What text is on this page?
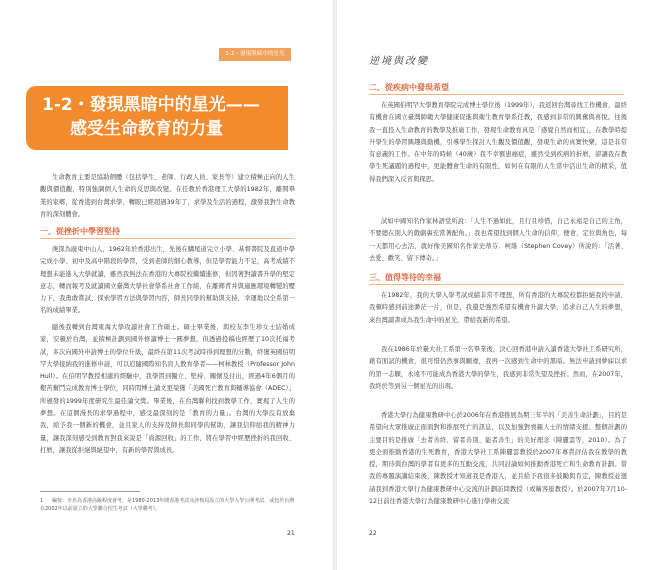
1-2・發現黑暗中的星光
1-2・發現黑暗中的星光——
感受生命教育的力量
生命教育主要是協助個體（包括學生、老師、行政人員、家長等）建立積極正向的人生觀與價值觀，特別強調個人生命的反思與改變。在任教於香港理工大學的1982年，離開畢業的家鄉，從香港到台灣求學、轉眼已經超過39年了，求學及生活的過程，激發我對生命教育的深刻體會。
一、從挫折中學習堅持
庚深為廣東中山人，1962年於香港出生，先後在購尾道完立小學、基督書院及直道中學完成小學、初中及高中階段的學習，受到老師的細心教導，但是學習能力不足，高考成績不理想未能進入大學就讀，雖然我無法在香港的大專院校繼續進修，但因著對讀書升學的堅定意志，轉而報考及就讀國立臺灣大學社會學系社會工作組，在離鄉背井與適應環境轉變的壓力下，我勇敢嘗試、探索學習方法與學習內容，師長同學的幫助與支持，幸運地以全系第一名的成績畢業。
隨後我轉到台灣東海大學攻讀社會工作碩士。碩士畢業後，與校友李生珍女士結婚成家，安頓於台灣，並積極計劃到國外修讀博士一圓夢想，但透過投稿也經歷了10次托福考試，多次向國外申請博士的學位升級，最終在第11次考試時得到理想的分數，終獲英國伯明罕大學接納我的進修申請，可以追隨國際知名盲人教育學者——柯林教授（Professor John Hull）。在伯明罕教授相處的經驗中，我學習到獨立、堅持、關懷及付出，經過4年6個月的艱苦奮鬥完成教育博士學位，同時間博士論文更榮獲「美國死亡教育與輔導協會（ADEC）」所頒發的1999年度研究生最佳論文獎。畢業後，在台灣聯利找到教學工作，實現了人生的夢想。在這個漫長的求學過程中，感受最深刻的是「教育的力量」。台灣的大學沒有放棄我，給予我一個新的機會，並且家人的支持及師長與同學的幫助，讓我信仰給我的精神力量，讓我深刻感受到教育對我來說是「資源回收」的工作，將在學習中經歷挫折的我回收、打磨，讓我從拒絕與絕望中，有新的學習與成長。
1 編按：全名為香港高級程度會考，是1980-2013年間香港考試及評核局設立的大學入學公開考試，或包於台灣在2002年以前設立的大學聯合招生考試（大學聯考）。
21
逆境與改變
二、從疾病中發現希望
在英國伯明罕大學教育學院完成博士學位後（1999年），我返回台灣尋找工作機會，最終有機會在國立臺灣師範大學健康促進與衛生教育學系任教，我感到非常的興奮與喜悅。往後我一直投入生命教育的教學及推廣工作，發現生命教育真是「感覺自然而相宜」，在教學時提升學生的學習興趣與動機，引導學生探討人生觀及價值觀，發現生命的真實快樂，這是非常有意義的工作。在中年的時候（40歲）我不幸罹患癌症，雖然受到疾病的折磨，卻讓我在教學生死議題的過程中，更能體會生命的有限性，如何在有限的人生當中活出生命的精采，值得我們深入反省與探思。
試如中國知名作家林語堂所說：「人生不過如此，且行且珍惜，自己永遠是自己的主角，不要總在別人的戲劇裏充當著配角。」我也希望找到個人生命的信仰，便會、定位與角色，每一天都用心去活，就好像美國知名作家史蒂芬．柯維（Stephen Covey）所說的：「活著、去愛、歡笑、留下傳奇。」
三、值得等待的幸福
在1982年，我的大學入學考試成績非常不理想，所有香港的大專院校都拒絕我的申請，我頓時感到前途渺茫一片，但是，我還是強烈希望有機會升讀大學，追求自己人生的夢想，來台灣讀書成為我生命中的星光，帶給我新的希望。
我在1986年於臺大社工系第一名畢業後，決心回香港申請入讀香港大學社工系研究所，藉有面試的機會，很可惜仍然事與願違，我再一次感到生命中的黑暗。無法申請到夢寐以求的第一志願，永遠不可能成為香港大學的學生，我感到非常失望及挫折。然而，在2007年，我終於等到另一個星光的出現。
香港大學行為健康教研中心於2006年在香港推展為期三年半的「美善生命計劃」，目的是希望向大眾推廣正面面對和推展死亡的訊息，以及加強對喪親人士的情緒支援。整個計劃的主要目的是推廣「去者善終、留者善別、能者善生」的美好理念（陳麗雲等，2010）。為了更全面推動香港的生死教育，香港大學社工系陳麗雲教授於2007年專責評估我在教學的教授，期待與台灣的學者有更多的互動交流，共同討論如何推動香港死亡和生命教育計劃。當我的專題演講結束後，陳教授才知道我是香港人，並且給予我很多鼓勵與肯定，陳教授並邀請我到香港大學行為健康教研中心交流的計劃訪問教授（或稱客座教授）。於2007年7月10-12日前往香港大學行為健康教研中心進行學術交流
22
